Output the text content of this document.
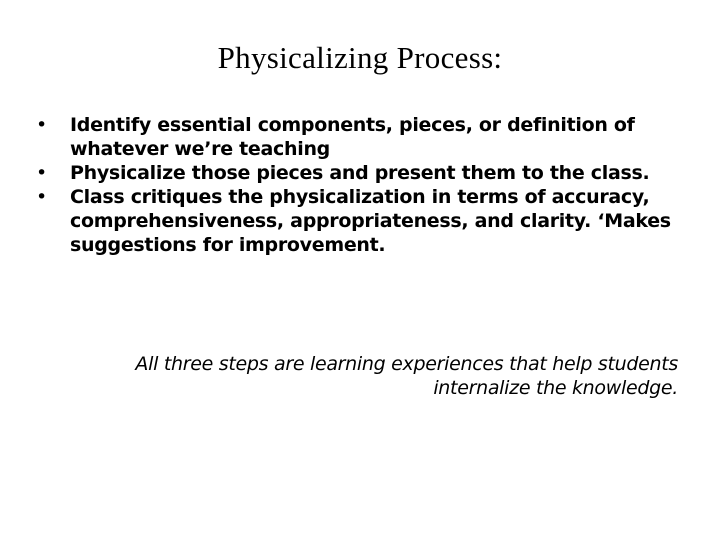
Physicalizing Process:
•	Identify essential components, pieces, or definition of whatever we’re teaching
•	Physicalize those pieces and present them to the class.
•	Class critiques the physicalization in terms of accuracy, comprehensiveness, appropriateness, and clarity. ‘Makes suggestions for improvement.
All three steps are learning experiences that help students internalize the knowledge.
